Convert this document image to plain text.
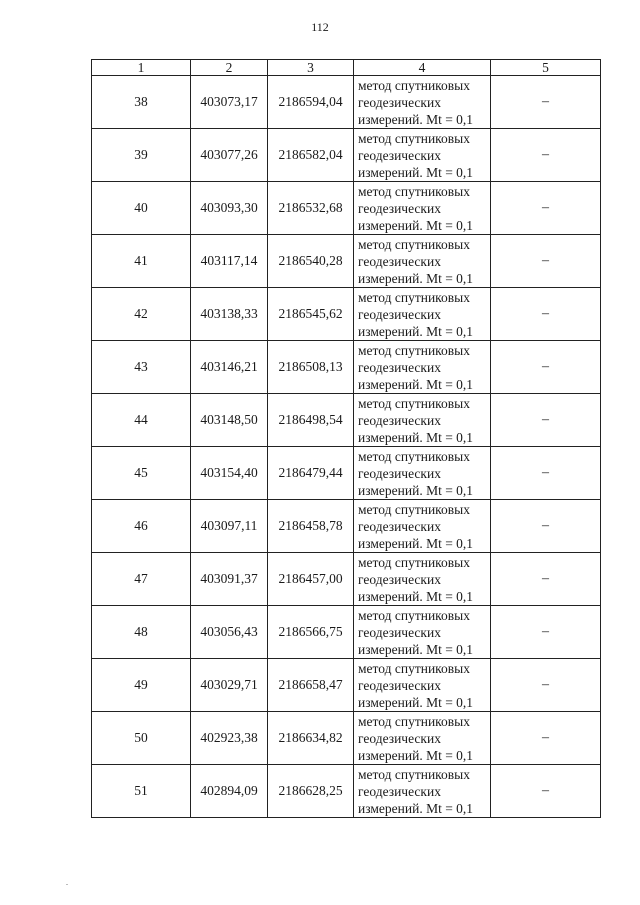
112
1	2	3	4	5
38	403073,17	2186594,04	метод спутниковых
геодезических
измерений. Mt = 0,1	–
39	403077,26	2186582,04	метод спутниковых
геодезических
измерений. Mt = 0,1	–
40	403093,30	2186532,68	метод спутниковых
геодезических
измерений. Mt = 0,1	–
41	403117,14	2186540,28	метод спутниковых
геодезических
измерений. Mt = 0,1	–
42	403138,33	2186545,62	метод спутниковых
геодезических
измерений. Mt = 0,1	–
43	403146,21	2186508,13	метод спутниковых
геодезических
измерений. Mt = 0,1	–
44	403148,50	2186498,54	метод спутниковых
геодезических
измерений. Mt = 0,1	–
45	403154,40	2186479,44	метод спутниковых
геодезических
измерений. Mt = 0,1	–
46	403097,11	2186458,78	метод спутниковых
геодезических
измерений. Mt = 0,1	–
47	403091,37	2186457,00	метод спутниковых
геодезических
измерений. Mt = 0,1	–
48	403056,43	2186566,75	метод спутниковых
геодезических
измерений. Mt = 0,1	–
49	403029,71	2186658,47	метод спутниковых
геодезических
измерений. Mt = 0,1	–
50	402923,38	2186634,82	метод спутниковых
геодезических
измерений. Mt = 0,1	–
51	402894,09	2186628,25	метод спутниковых
геодезических
измерений. Mt = 0,1	–
